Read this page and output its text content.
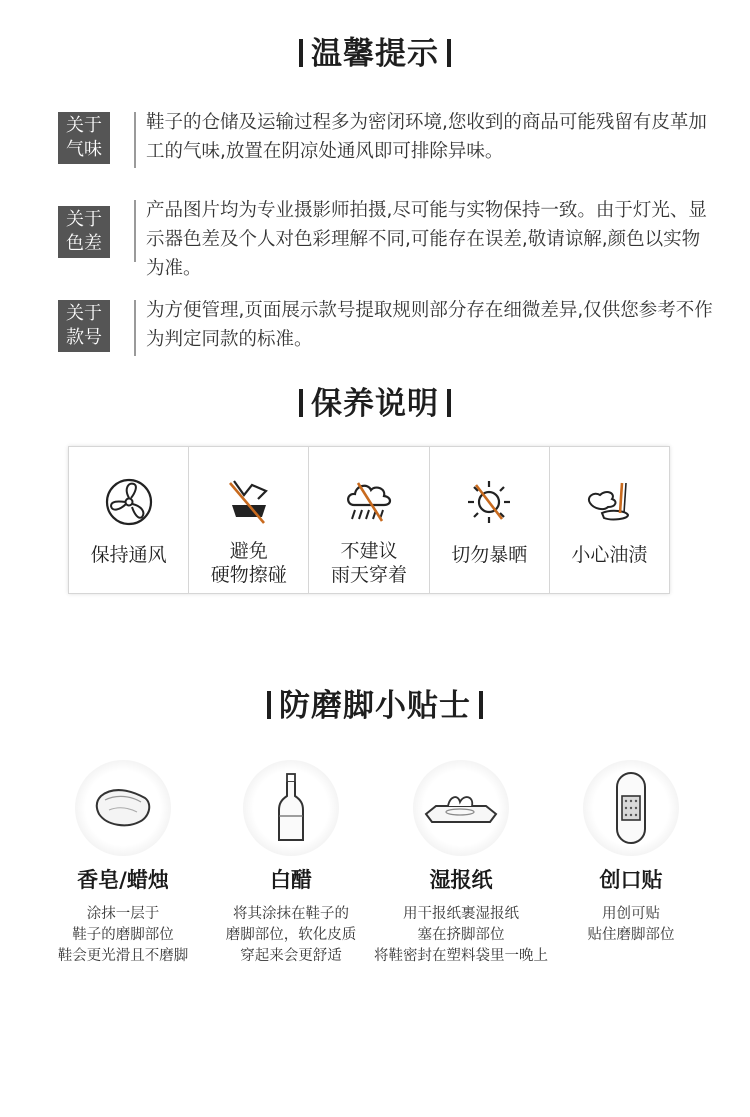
温馨提示
关于
气味
鞋子的仓储及运输过程多为密闭环境,您收到的商品可能残留有皮革加工的气味,放置在阴凉处通风即可排除异味。
关于
色差
产品图片均为专业摄影师拍摄,尽可能与实物保持一致。由于灯光、显示器色差及个人对色彩理解不同,可能存在误差,敬请谅解,颜色以实物为准。
关于
款号
为方便管理,页面展示款号提取规则部分存在细微差异,仅供您参考不作为判定同款的标准。
保养说明
保持通风	避免
硬物擦碰
不建议
雨天穿着
切勿暴晒	小心油渍
防磨脚小贴士
香皂/蜡烛
涂抹一层于
鞋子的磨脚部位
鞋会更光滑且不磨脚
白醋
将其涂抹在鞋子的
磨脚部位，软化皮质
穿起来会更舒适
湿报纸
用干报纸裹湿报纸
塞在挤脚部位
将鞋密封在塑料袋里一晚上
创口贴
用创可贴
贴住磨脚部位
